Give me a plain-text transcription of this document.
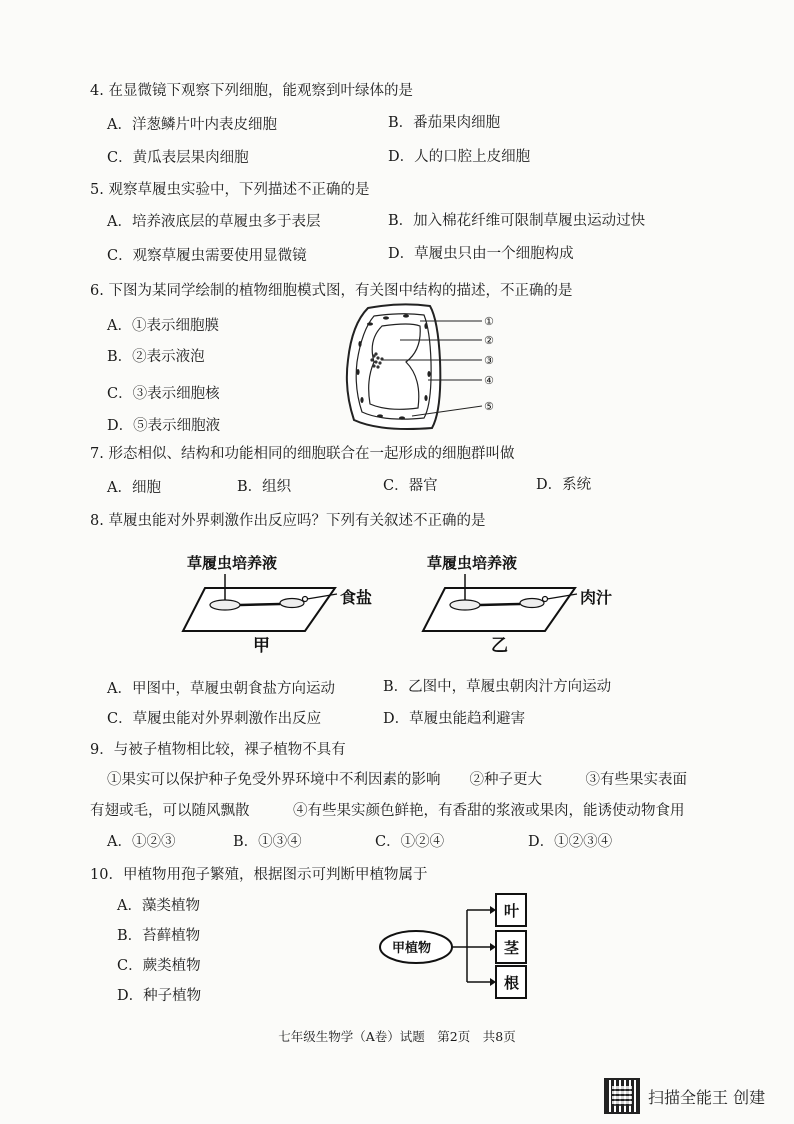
4. 在显微镜下观察下列细胞，能观察到叶绿体的是
A．洋葱鳞片叶内表皮细胞	B．番茄果肉细胞
C．黄瓜表层果肉细胞	D．人的口腔上皮细胞
5. 观察草履虫实验中，下列描述不正确的是
A．培养液底层的草履虫多于表层	B．加入棉花纤维可限制草履虫运动过快
C．观察草履虫需要使用显微镜	D．草履虫只由一个细胞构成
6. 下图为某同学绘制的植物细胞模式图，有关图中结构的描述，不正确的是
A．①表示细胞膜
B．②表示液泡
C．③表示细胞核
D．⑤表示细胞液
①
②
③
④
⑤
7. 形态相似、结构和功能相同的细胞联合在一起形成的细胞群叫做
A．细胞	B．组织	C．器官	D．系统
8. 草履虫能对外界刺激作出反应吗？下列有关叙述不正确的是
草履虫培养液	草履虫培养液
食盐	肉汁
甲	乙
A．甲图中，草履虫朝食盐方向运动	B．乙图中，草履虫朝肉汁方向运动
C．草履虫能对外界刺激作出反应	D．草履虫能趋利避害
9．与被子植物相比较，裸子植物不具有
①果实可以保护种子免受外界环境中不利因素的影响　　②种子更大　　　③有些果实表面
有翅或毛，可以随风飘散　　　④有些果实颜色鲜艳，有香甜的浆液或果肉，能诱使动物食用
A．①②③	B．①③④	C．①②④	D．①②③④
10．甲植物用孢子繁殖，根据图示可判断甲植物属于
A．藻类植物
B．苔藓植物
C．蕨类植物
D．种子植物
甲植物
叶
茎
根
七年级生物学（A卷）试题　第2页　共8页
扫描全能王 创建
